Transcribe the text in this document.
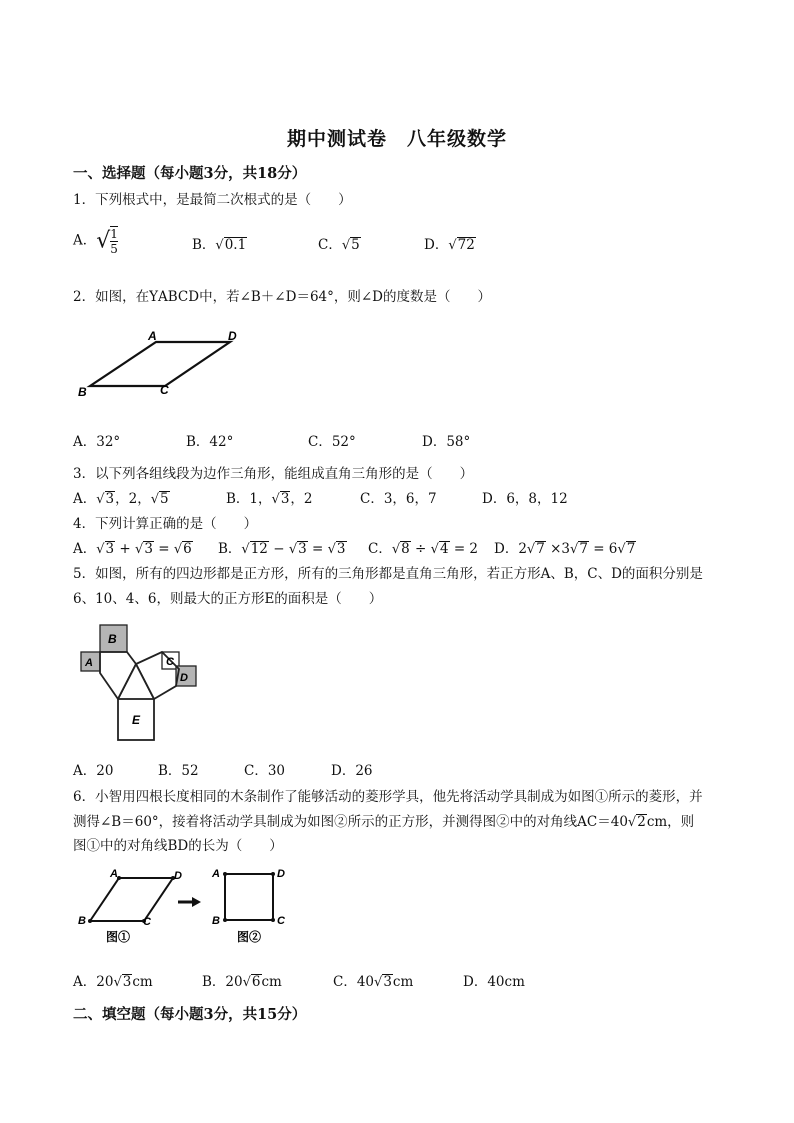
期中测试卷　八年级数学
一、选择题（每小题3分，共18分）
1．下列根式中，是最简二次根式的是（　　）
A．√ $\frac{1}{5}$	B．√0.1	C．√5	D．√72
2．如图，在ΥABCD中，若∠B＋∠D＝64°，则∠D的度数是（　　）
A	D
B	C
A．32°	B．42°	C．52°	D．58°
3．以下列各组线段为边作三角形，能组成直角三角形的是（　　）
A．√3，2，√5	B．1，√3，2	C．3，6，7	D．6，8，12
4．下列计算正确的是（　　）
A．√3 + √3 = √6 B．√12 − √3 = √3 C．√8 ÷ √4 = 2 D．2√7 ×3√7 = 6√7
5．如图，所有的四边形都是正方形，所有的三角形都是直角三角形，若正方形A、B，C、D的面积分别是
6、10、4、6，则最大的正方形E的面积是（　　）
B
A	C
D
E
A．20	B．52	C．30	D．26
6．小智用四根长度相同的木条制作了能够活动的菱形学具，他先将活动学具制成为如图①所示的菱形，并
测得∠B＝60°，接着将活动学具制成为如图②所示的正方形，并测得图②中的对角线AC＝40√2cm，则
图①中的对角线BD的长为（　　）
A	D
B	C
图①
A	D
B	C
图②
A．20√3cm	B．20√6cm	C．40√3cm	D．40cm
二、填空题（每小题3分，共15分）
